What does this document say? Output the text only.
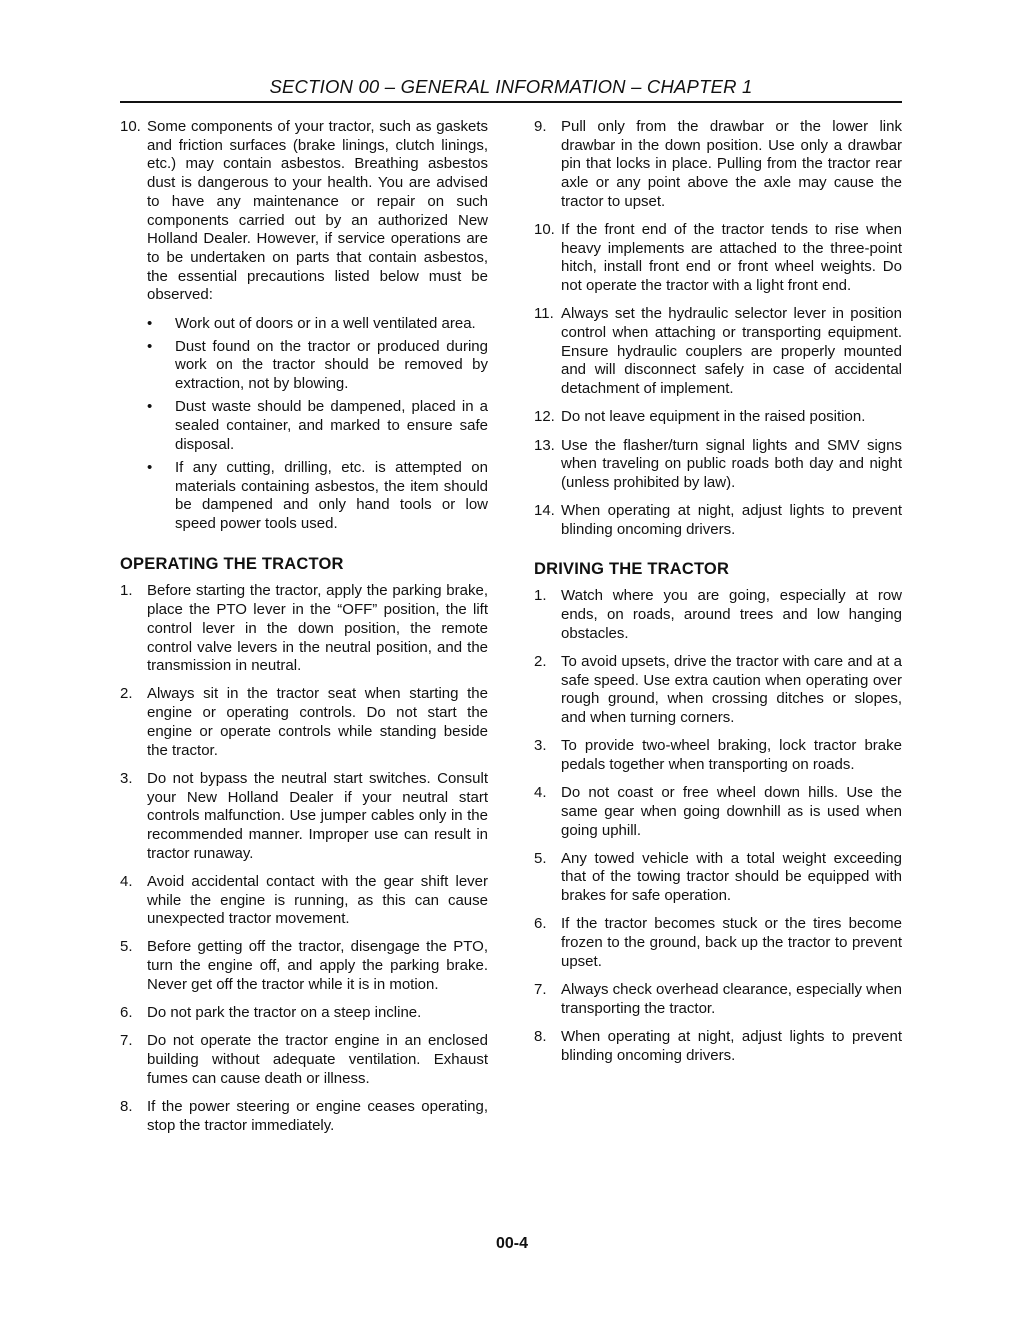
SECTION 00 – GENERAL INFORMATION – CHAPTER 1
10. Some components of your tractor, such as gaskets and friction surfaces (brake linings, clutch linings, etc.) may contain asbestos. Breathing asbestos dust is dangerous to your health. You are advised to have any maintenance or repair on such components carried out by an authorized New Holland Dealer. However, if service operations are to be undertaken on parts that contain asbestos, the essential precautions listed below must be observed:
•	Work out of doors or in a well ventilated area.
•	Dust found on the tractor or produced during work on the tractor should be removed by extraction, not by blowing.
•	Dust waste should be dampened, placed in a sealed container, and marked to ensure safe disposal.
•	If any cutting, drilling, etc. is attempted on materials containing asbestos, the item should be dampened and only hand tools or low speed power tools used.
OPERATING THE TRACTOR
1. Before starting the tractor, apply the parking brake, place the PTO lever in the “OFF” position, the lift control lever in the down position, the remote control valve levers in the neutral position, and the transmission in neutral.
2. Always sit in the tractor seat when starting the engine or operating controls. Do not start the engine or operate controls while standing beside the tractor.
3. Do not bypass the neutral start switches. Consult your New Holland Dealer if your neutral start controls malfunction. Use jumper cables only in the recommended manner. Improper use can result in tractor runaway.
4. Avoid accidental contact with the gear shift lever while the engine is running, as this can cause unexpected tractor movement.
5. Before getting off the tractor, disengage the PTO, turn the engine off, and apply the parking brake. Never get off the tractor while it is in motion.
6. Do not park the tractor on a steep incline.
7. Do not operate the tractor engine in an enclosed building without adequate ventilation. Exhaust fumes can cause death or illness.
8. If the power steering or engine ceases operating, stop the tractor immediately.
9. Pull only from the drawbar or the lower link drawbar in the down position. Use only a drawbar pin that locks in place. Pulling from the tractor rear axle or any point above the axle may cause the tractor to upset.
10. If the front end of the tractor tends to rise when heavy implements are attached to the three-point hitch, install front end or front wheel weights. Do not operate the tractor with a light front end.
11. Always set the hydraulic selector lever in position control when attaching or transporting equipment. Ensure hydraulic couplers are properly mounted and will disconnect safely in case of accidental detachment of implement.
12. Do not leave equipment in the raised position.
13. Use the flasher/turn signal lights and SMV signs when traveling on public roads both day and night (unless prohibited by law).
14. When operating at night, adjust lights to prevent blinding oncoming drivers.
DRIVING THE TRACTOR
1. Watch where you are going, especially at row ends, on roads, around trees and low hanging obstacles.
2. To avoid upsets, drive the tractor with care and at a safe speed. Use extra caution when operating over rough ground, when crossing ditches or slopes, and when turning corners.
3. To provide two-wheel braking, lock tractor brake pedals together when transporting on roads.
4. Do not coast or free wheel down hills. Use the same gear when going downhill as is used when going uphill.
5. Any towed vehicle with a total weight exceeding that of the towing tractor should be equipped with brakes for safe operation.
6. If the tractor becomes stuck or the tires become frozen to the ground, back up the tractor to prevent upset.
7. Always check overhead clearance, especially when transporting the tractor.
8. When operating at night, adjust lights to prevent blinding oncoming drivers.
00-4
